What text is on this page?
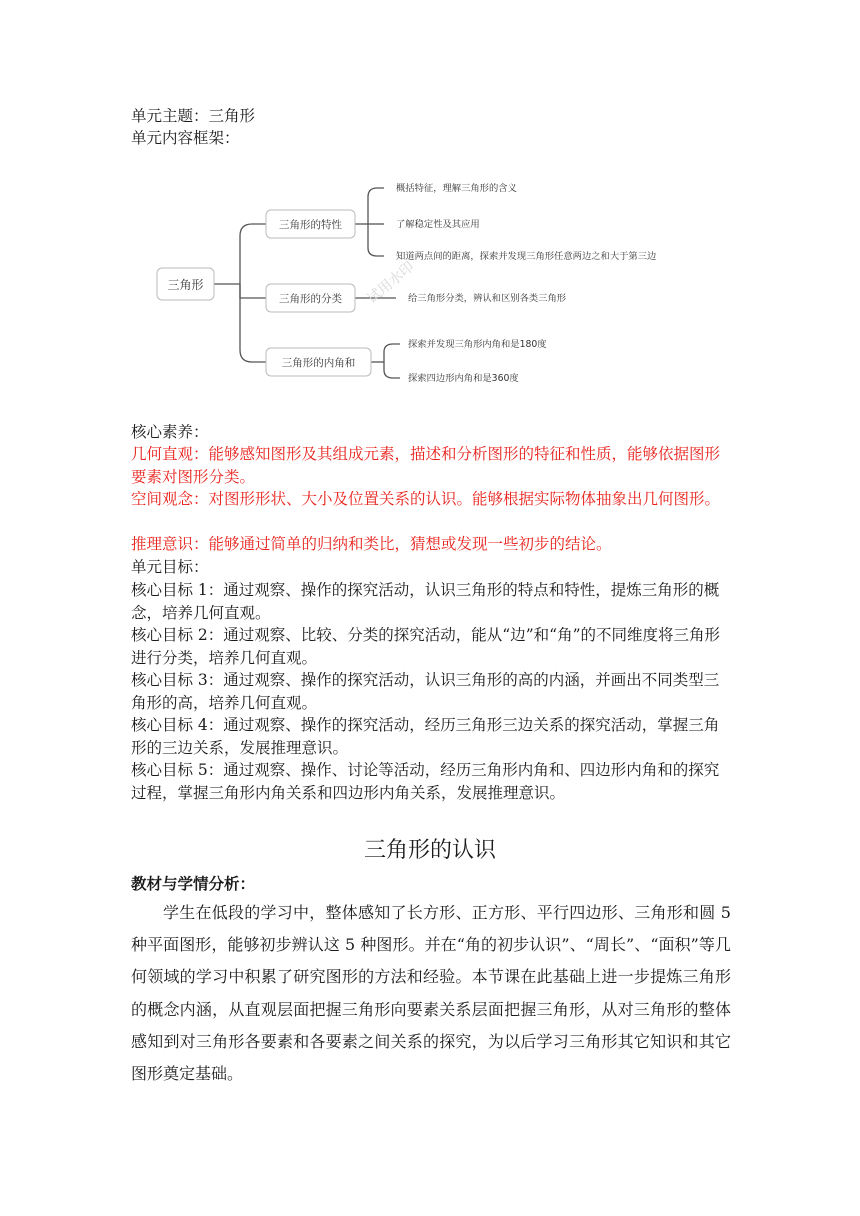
单元主题：三角形
单元内容框架：
三角形
三角形的特性
三角形的分类
三角形的内角和
概括特征，理解三角形的含义
了解稳定性及其应用
知道两点间的距离，探索并发现三角形任意两边之和大于第三边
给三角形分类，辨认和区别各类三角形
探索并发现三角形内角和是180度
探索四边形内角和是360度
试用水印
核心素养：
几何直观：能够感知图形及其组成元素，描述和分析图形的特征和性质，能够依据图形要素对图形分类。
空间观念：对图形形状、大小及位置关系的认识。能够根据实际物体抽象出几何图形。
推理意识：能够通过简单的归纳和类比，猜想或发现一些初步的结论。
单元目标：
核心目标 1：通过观察、操作的探究活动，认识三角形的特点和特性，提炼三角形的概念，培养几何直观。
核心目标 2：通过观察、比较、分类的探究活动，能从“边”和“角”的不同维度将三角形进行分类，培养几何直观。
核心目标 3：通过观察、操作的探究活动，认识三角形的高的内涵，并画出不同类型三角形的高，培养几何直观。
核心目标 4：通过观察、操作的探究活动，经历三角形三边关系的探究活动，掌握三角形的三边关系，发展推理意识。
核心目标 5：通过观察、操作、讨论等活动，经历三角形内角和、四边形内角和的探究过程，掌握三角形内角关系和四边形内角关系，发展推理意识。
三角形的认识
教材与学情分析：
学生在低段的学习中，整体感知了长方形、正方形、平行四边形、三角形和圆 5 种平面图形，能够初步辨认这 5 种图形。并在“角的初步认识”、“周长”、“面积”等几何领域的学习中积累了研究图形的方法和经验。本节课在此基础上进一步提炼三角形的概念内涵，从直观层面把握三角形向要素关系层面把握三角形，从对三角形的整体感知到对三角形各要素和各要素之间关系的探究，为以后学习三角形其它知识和其它图形奠定基础。
